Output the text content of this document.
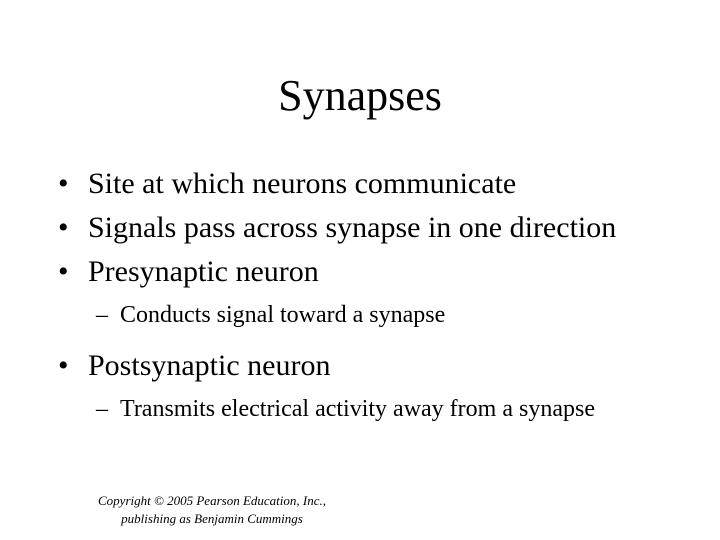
Synapses
• Site at which neurons communicate
• Signals pass across synapse in one direction
• Presynaptic neuron
– Conducts signal toward a synapse
• Postsynaptic neuron
– Transmits electrical activity away from a synapse
Copyright © 2005 Pearson Education, Inc.,
publishing as Benjamin Cummings
